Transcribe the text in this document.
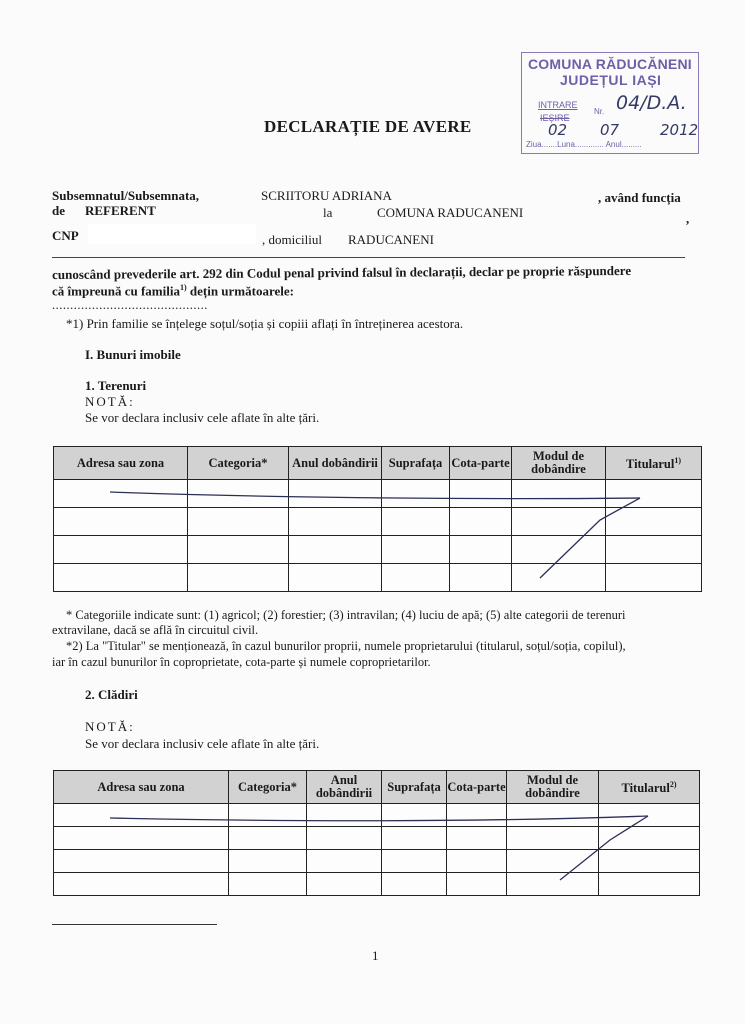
COMUNA RĂDUCĂNENI
JUDEȚUL IAȘI
INTRARE
IEȘIRE
Nr.
Ziua.......Luna............. Anul.........
04/D.A.
02 07	2012
DECLARAȚIE DE AVERE
Subsemnatul/Subsemnata,	SCRIITORU ADRIANA	, având funcția
de REFERENT	la	COMUNA RADUCANENI	,
CNP	, domiciliul RADUCANENI
cunoscând prevederile art. 292 din Codul penal privind falsul în declarații, declar pe proprie răspundere
că împreună cu familia$^{1)}$ dețin următoarele:
...........................................
*1) Prin familie se înțelege soțul/soția și copiii aflați în întreținerea acestora.
I. Bunuri imobile
1. Terenuri
NOTĂ:
Se vor declara inclusiv cele aflate în alte țări.
Adresa sau zona	Categoria*	Anul dobândirii	Suprafața	Cota-parte	Modul de dobândire	Titularul$^{1)}$

* Categoriile indicate sunt: (1) agricol; (2) forestier; (3) intravilan; (4) luciu de apă; (5) alte categorii de terenuri
extravilane, dacă se află în circuitul civil.
*2) La "Titular" se menționează, în cazul bunurilor proprii, numele proprietarului (titularul, soțul/soția, copilul),
iar în cazul bunurilor în coproprietate, cota-parte și numele coproprietarilor.
2. Clădiri
NOTĂ:
Se vor declara inclusiv cele aflate în alte țări.
Adresa sau zona	Categoria*	Anul dobândirii	Suprafața	Cota-parte	Modul de dobândire	Titularul$^{2)}$

1
